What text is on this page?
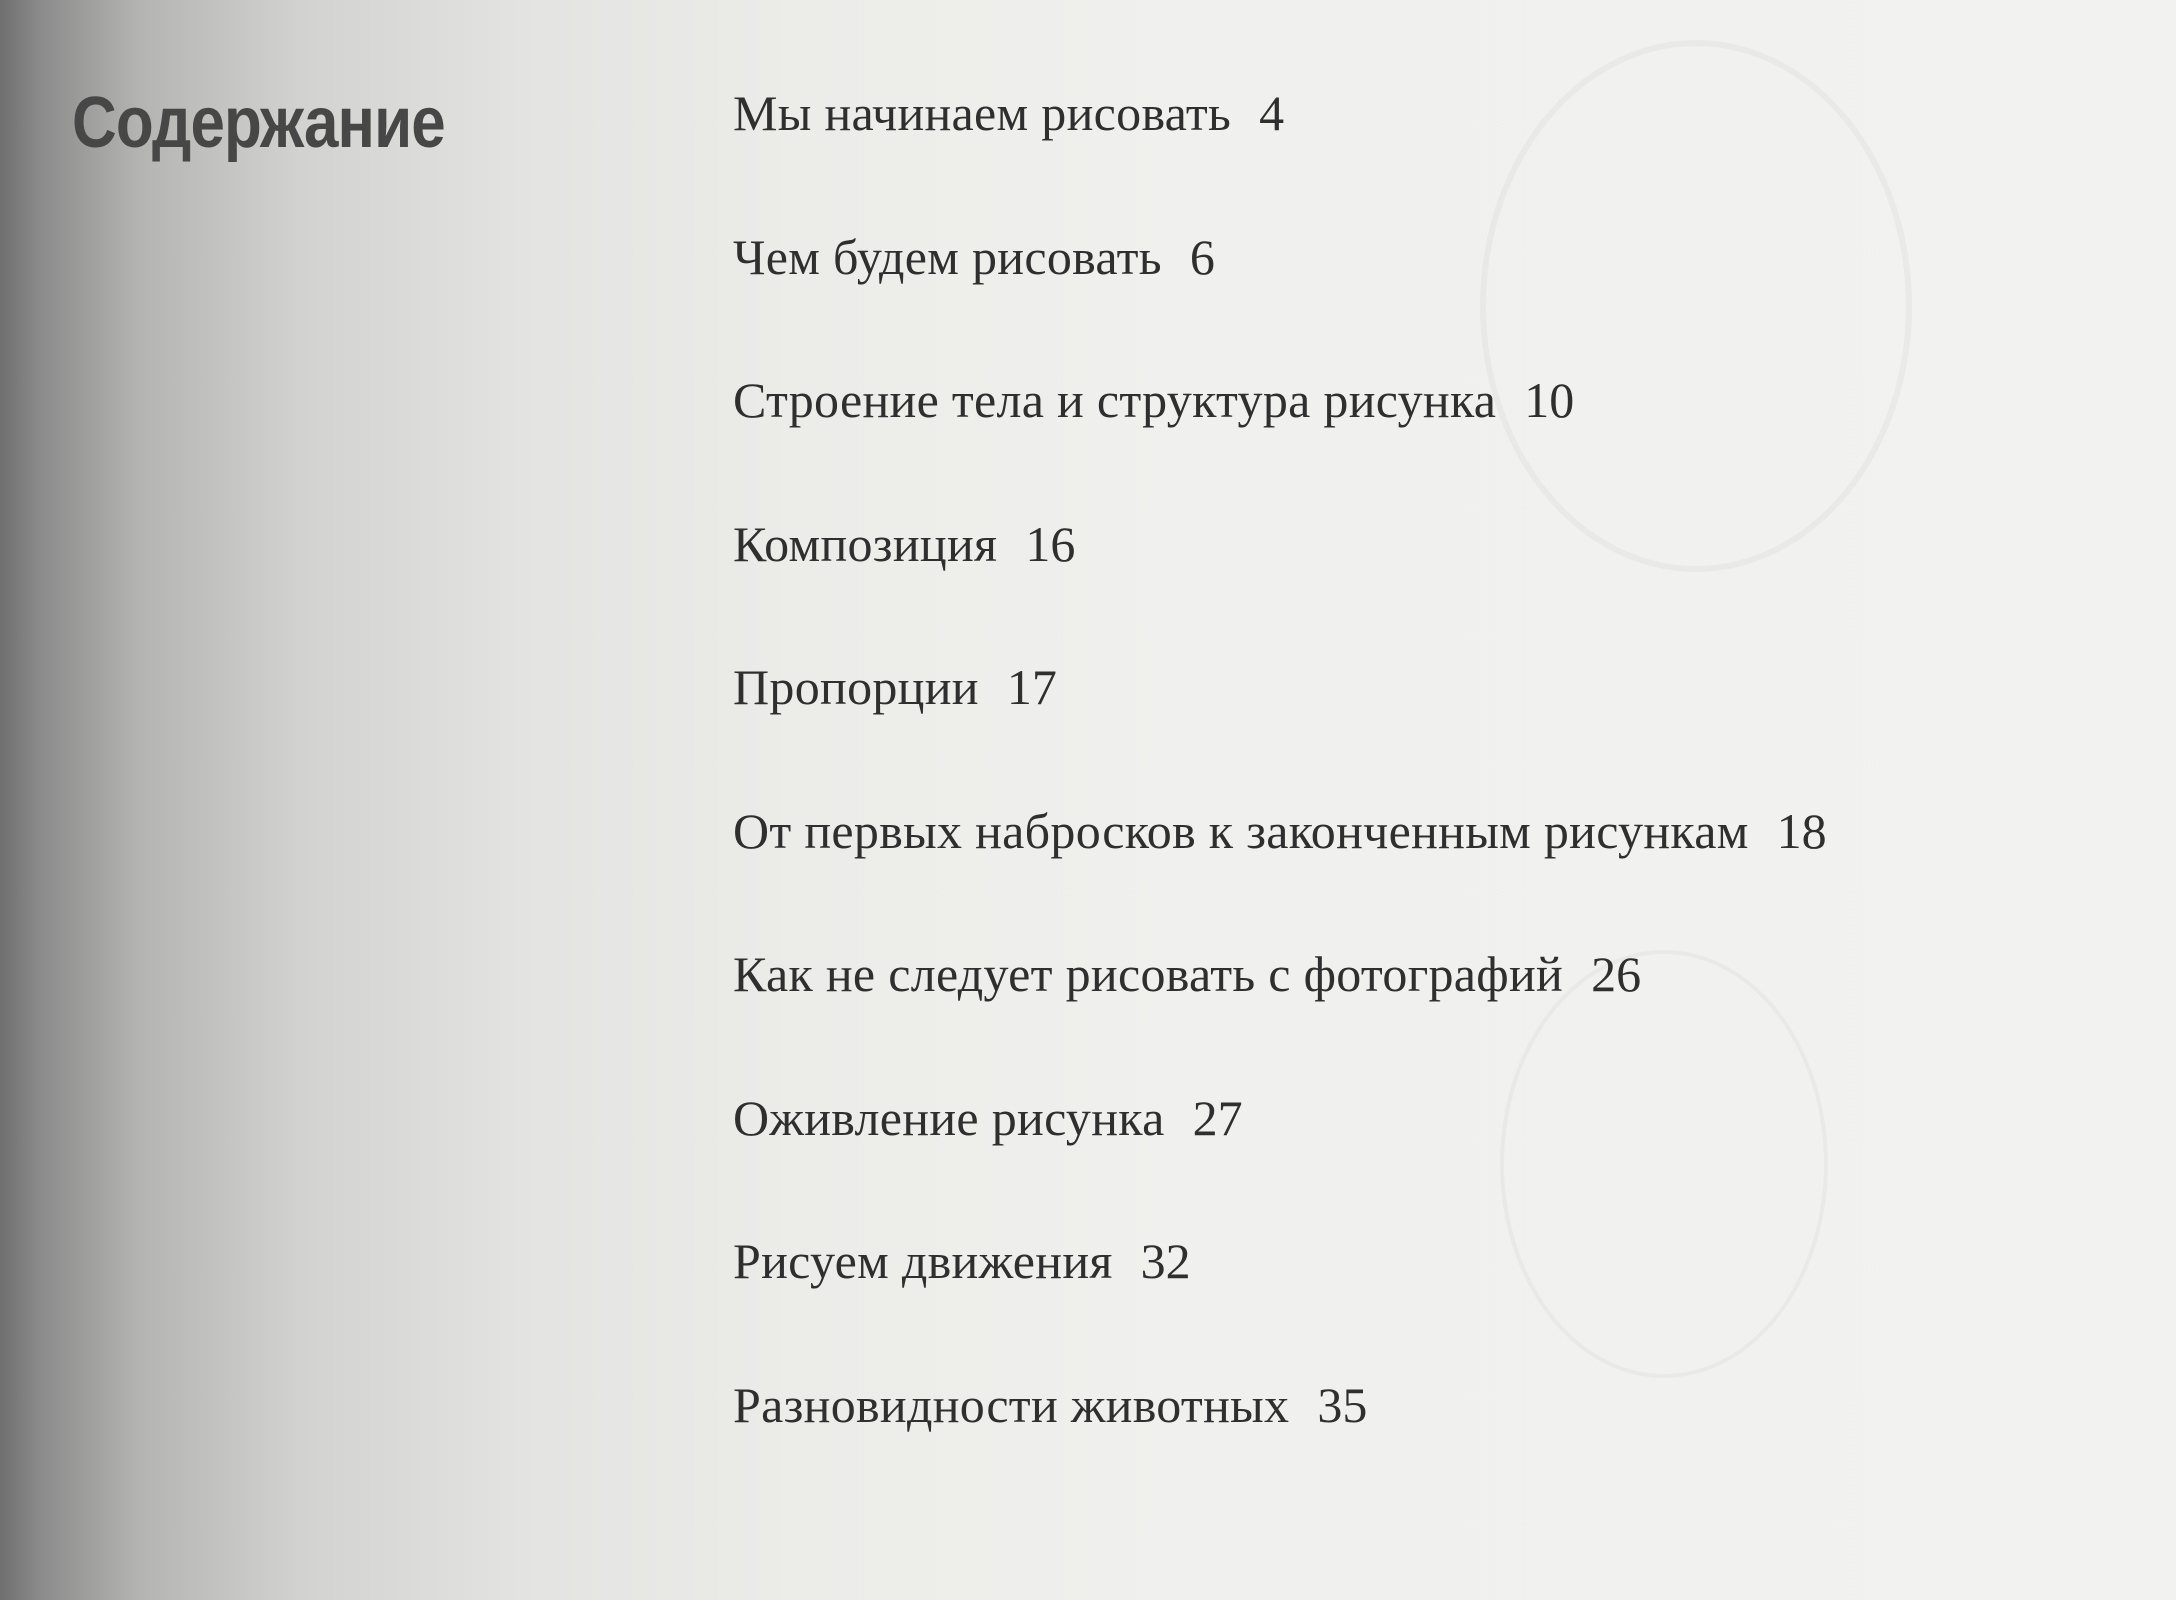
Содержание	Мы начинаем рисовать 4
Чем будем рисовать 6
Строение тела и структура рисунка 10
Композиция 16
Пропорции 17
От первых набросков к законченным рисункам 18
Как не следует рисовать с фотографий 26
Оживление рисунка 27
Рисуем движения 32
Разновидности животных 35
